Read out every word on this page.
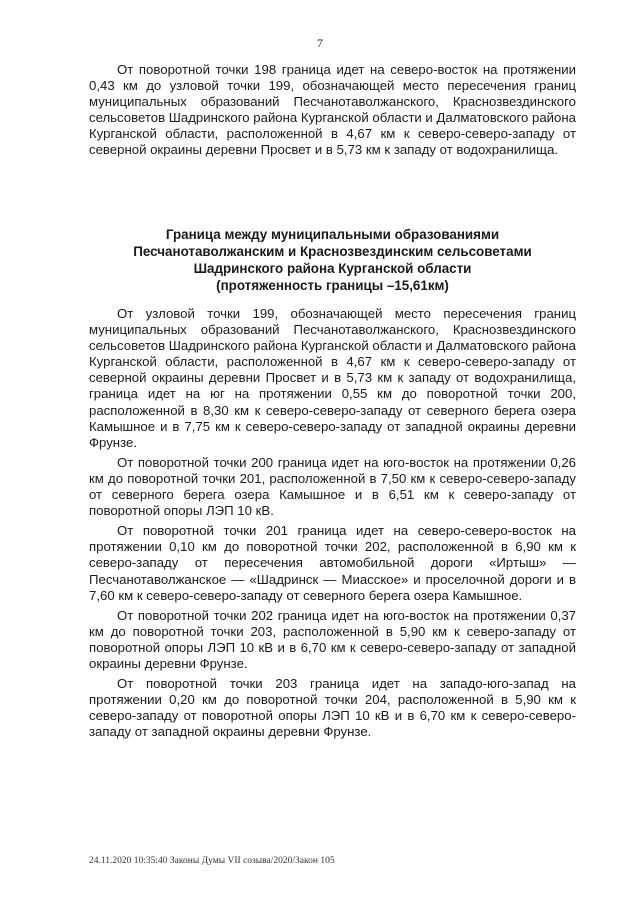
7

От поворотной точки 198 граница идет на северо-восток на протяжении 0,43 км до узловой точки 199, обозначающей место пересечения границ муниципальных образований Песчанотаволжанского, Краснозвездинского сельсоветов Шадринского района Курганской области и Далматовского района Курганской области, расположенной в 4,67 км к северо-северо-западу от северной окраины деревни Просвет и в 5,73 км к западу от водохранилища.

Граница между муниципальными образованиями
Песчанотаволжанским и Краснозвездинским сельсоветами
Шадринского района Курганской области
(протяженность границы –15,61км)

От узловой точки 199, обозначающей место пересечения границ муниципальных образований Песчанотаволжанского, Краснозвездинского сельсоветов Шадринского района Курганской области и Далматовского района Курганской области, расположенной в 4,67 км к северо-северо-западу от северной окраины деревни Просвет и в 5,73 км к западу от водохранилища, граница идет на юг на протяжении 0,55 км до поворотной точки 200, расположенной в 8,30 км к северо-северо-западу от северного берега озера Камышное и в 7,75 км к северо-северо-западу от западной окраины деревни Фрунзе.

От поворотной точки 200 граница идет на юго-восток на протяжении 0,26 км до поворотной точки 201, расположенной в 7,50 км к северо-северо-западу от северного берега озера Камышное и в 6,51 км к северо-западу от поворотной опоры ЛЭП 10 кВ.

От поворотной точки 201 граница идет на северо-северо-восток на протяжении 0,10 км до поворотной точки 202, расположенной в 6,90 км к северо-западу от пересечения автомобильной дороги «Иртыш» — Песчанотаволжанское — «Шадринск — Миасское» и проселочной дороги и в 7,60 км к северо-северо-западу от северного берега озера Камышное.

От поворотной точки 202 граница идет на юго-восток на протяжении 0,37 км до поворотной точки 203, расположенной в 5,90 км к северо-западу от поворотной опоры ЛЭП 10 кВ и в 6,70 км к северо-северо-западу от западной окраины деревни Фрунзе.

От поворотной точки 203 граница идет на западо-юго-запад на протяжении 0,20 км до поворотной точки 204, расположенной в 5,90 км к северо-западу от поворотной опоры ЛЭП 10 кВ и в 6,70 км к северо-северо-западу от западной окраины деревни Фрунзе.

24.11.2020 10:35:40 Законы Думы VII созыва/2020/Закон 105
